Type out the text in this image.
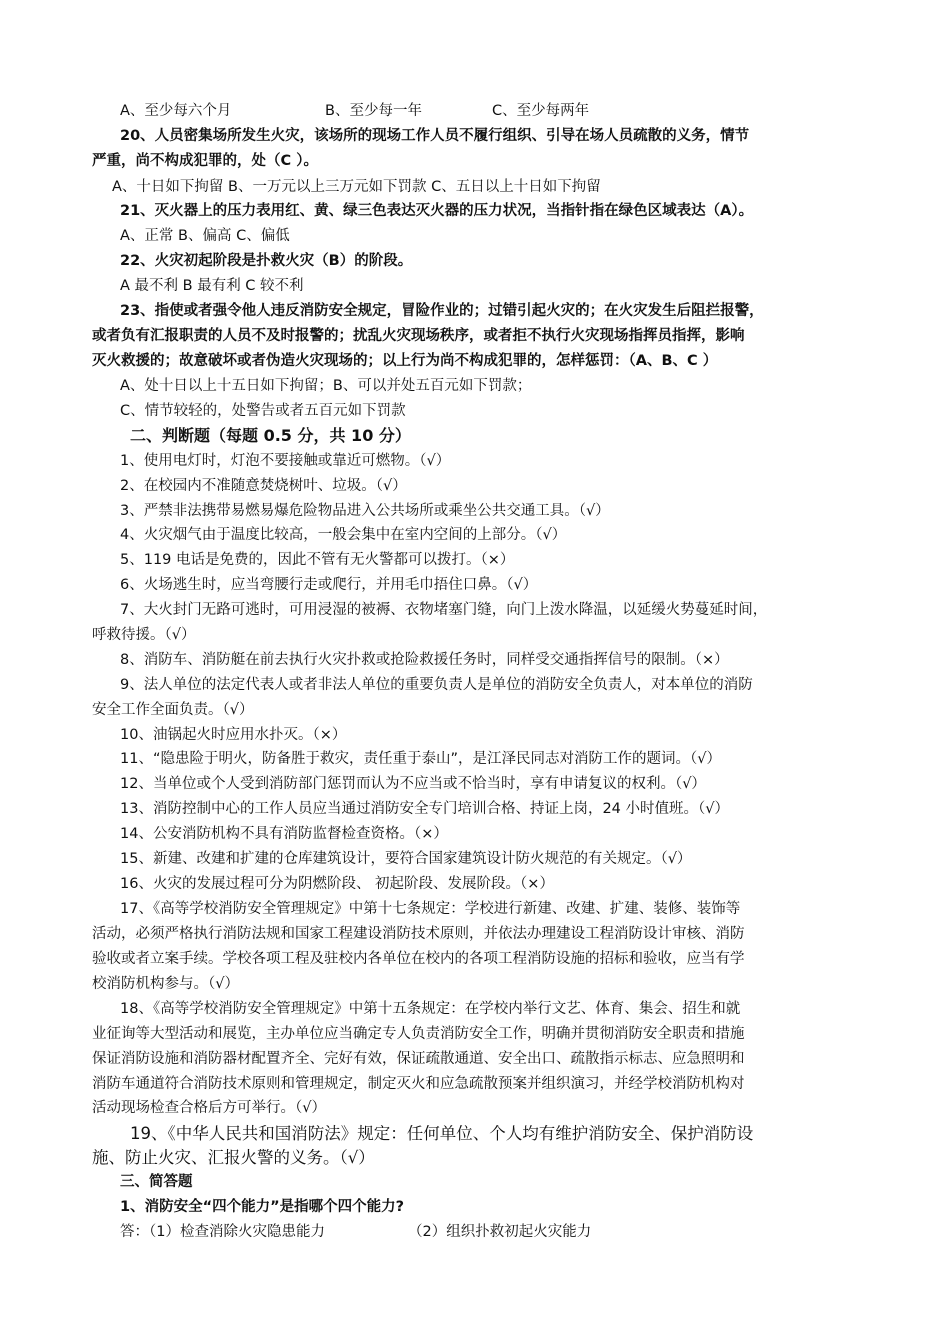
A、至少每六个月	B、至少每一年	C、至少每两年
20、人员密集场所发生火灾，该场所的现场工作人员不履行组织、引导在场人员疏散的义务，情节
严重，尚不构成犯罪的，处（C ）。
A、十日如下拘留 B、一万元以上三万元如下罚款 C、五日以上十日如下拘留
21、灭火器上的压力表用红、黄、绿三色表达灭火器的压力状况，当指针指在绿色区域表达（A）。
A、正常 B、偏高 C、偏低
22、火灾初起阶段是扑救火灾（B）的阶段。
A 最不利 B 最有利 C 较不利
23、指使或者强令他人违反消防安全规定，冒险作业的；过错引起火灾的；在火灾发生后阻拦报警，
或者负有汇报职责的人员不及时报警的；扰乱火灾现场秩序，或者拒不执行火灾现场指挥员指挥，影响
灭火救援的；故意破坏或者伪造火灾现场的；以上行为尚不构成犯罪的，怎样惩罚：（A、B、C ）
A、处十日以上十五日如下拘留；B、可以并处五百元如下罚款；
C、情节较轻的，处警告或者五百元如下罚款
二、判断题（每题 0.5 分，共 10 分）
1、使用电灯时，灯泡不要接触或靠近可燃物。（√）
2、在校园内不准随意焚烧树叶、垃圾。（√）
3、严禁非法携带易燃易爆危险物品进入公共场所或乘坐公共交通工具。（√）
4、火灾烟气由于温度比较高，一般会集中在室内空间的上部分。（√）
5、119 电话是免费的，因此不管有无火警都可以拨打。（×）
6、火场逃生时，应当弯腰行走或爬行，并用毛巾捂住口鼻。（√）
7、大火封门无路可逃时，可用浸湿的被褥、衣物堵塞门缝，向门上泼水降温，以延缓火势蔓延时间，
呼救待援。（√）
8、消防车、消防艇在前去执行火灾扑救或抢险救援任务时，同样受交通指挥信号的限制。（×）
9、法人单位的法定代表人或者非法人单位的重要负责人是单位的消防安全负责人，对本单位的消防
安全工作全面负责。（√）
10、油锅起火时应用水扑灭。（×）
11、“隐患险于明火，防备胜于救灾，责任重于泰山”，是江泽民同志对消防工作的题词。（√）
12、当单位或个人受到消防部门惩罚而认为不应当或不恰当时，享有申请复议的权利。（√）
13、消防控制中心的工作人员应当通过消防安全专门培训合格、持证上岗，24 小时值班。（√）
14、公安消防机构不具有消防监督检查资格。（×）
15、新建、改建和扩建的仓库建筑设计，要符合国家建筑设计防火规范的有关规定。（√）
16、火灾的发展过程可分为阴燃阶段、 初起阶段、发展阶段。（×）
17、《高等学校消防安全管理规定》中第十七条规定：学校进行新建、改建、扩建、装修、装饰等
活动，必须严格执行消防法规和国家工程建设消防技术原则，并依法办理建设工程消防设计审核、消防
验收或者立案手续。学校各项工程及驻校内各单位在校内的各项工程消防设施的招标和验收，应当有学
校消防机构参与。（√）
18、《高等学校消防安全管理规定》中第十五条规定：在学校内举行文艺、体育、集会、招生和就
业征询等大型活动和展览，主办单位应当确定专人负责消防安全工作，明确并贯彻消防安全职责和措施
保证消防设施和消防器材配置齐全、完好有效，保证疏散通道、安全出口、疏散指示标志、应急照明和
消防车通道符合消防技术原则和管理规定，制定灭火和应急疏散预案并组织演习，并经学校消防机构对
活动现场检查合格后方可举行。（√）
19、《中华人民共和国消防法》规定：任何单位、个人均有维护消防安全、保护消防设
施、防止火灾、汇报火警的义务。（√）
三、简答题
1、消防安全“四个能力”是指哪个四个能力?
答：（1）检查消除火灾隐患能力	（2）组织扑救初起火灾能力
